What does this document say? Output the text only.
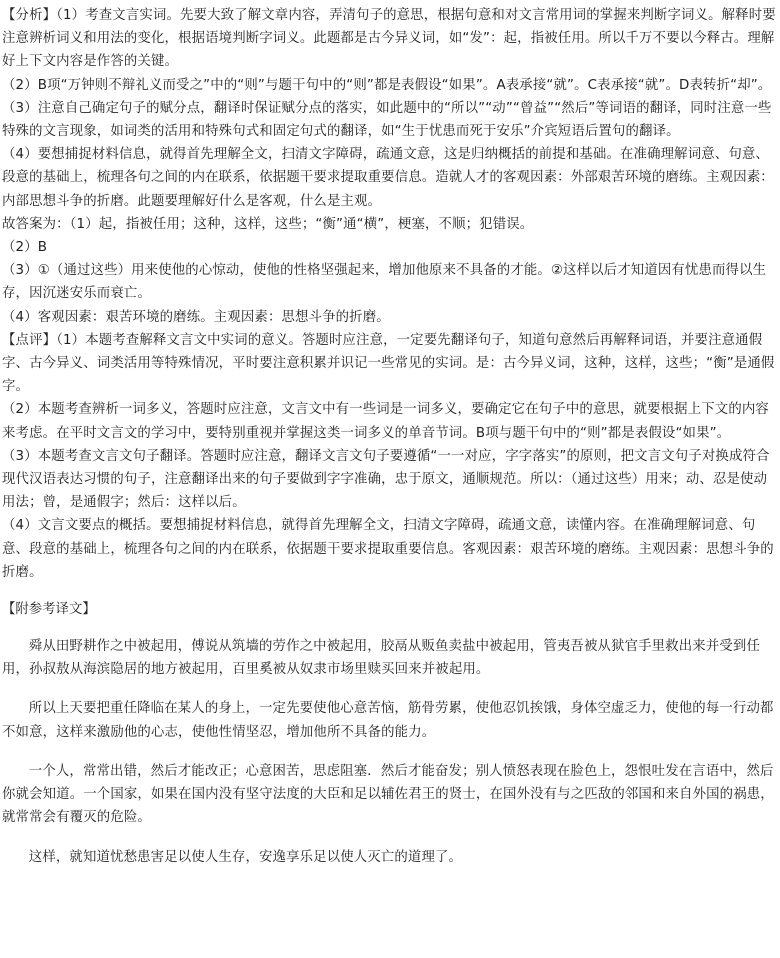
【分析】（1）考查文言实词。先要大致了解文章内容，弄清句子的意思，根据句意和对文言常用词的掌握来判断字词义。解释时要注意辨析词义和用法的变化，根据语境判断字词义。此题都是古今异义词，如“发”：起，指被任用。所以千万不要以今释古。理解好上下文内容是作答的关键。

（2）B项“万钟则不辩礼义而受之”中的“则”与题干句中的“则”都是表假设“如果”。A表承接“就”。C表承接“就”。D表转折“却”。

（3）注意自己确定句子的赋分点，翻译时保证赋分点的落实，如此题中的“所以”“动”“曾益”“然后”等词语的翻译，同时注意一些特殊的文言现象，如词类的活用和特殊句式和固定句式的翻译，如“生于忧患而死于安乐”介宾短语后置句的翻译。

（4）要想捕捉材料信息，就得首先理解全文，扫清文字障碍，疏通文意，这是归纳概括的前提和基础。在准确理解词意、句意、段意的基础上，梳理各句之间的内在联系，依据题干要求提取重要信息。造就人才的客观因素：外部艰苦环境的磨练。主观因素：内部思想斗争的折磨。此题要理解好什么是客观，什么是主观。

故答案为：（1）起，指被任用；这种，这样，这些；“衡”通“横”，梗塞，不顺；犯错误。

（2）B

（3）①（通过这些）用来使他的心惊动，使他的性格坚强起来，增加他原来不具备的才能。②这样以后才知道因有忧患而得以生存，因沉迷安乐而衰亡。

（4）客观因素：艰苦环境的磨练。主观因素：思想斗争的折磨。

【点评】（1）本题考查解释文言文中实词的意义。答题时应注意，一定要先翻译句子，知道句意然后再解释词语，并要注意通假字、古今异义、词类活用等特殊情况，平时要注意积累并识记一些常见的实词。是：古今异义词，这种，这样，这些；“衡”是通假字。

（2）本题考查辨析一词多义，答题时应注意，文言文中有一些词是一词多义，要确定它在句子中的意思，就要根据上下文的内容来考虑。在平时文言文的学习中，要特别重视并掌握这类一词多义的单音节词。B项与题干句中的“则”都是表假设“如果”。

（3）本题考查文言文句子翻译。答题时应注意，翻译文言文句子要遵循“一一对应，字字落实”的原则，把文言文句子对换成符合现代汉语表达习惯的句子，注意翻译出来的句子要做到字字准确，忠于原文，通顺规范。所以：（通过这些）用来；动、忍是使动用法；曾，是通假字；然后：这样以后。

（4）文言文要点的概括。要想捕捉材料信息，就得首先理解全文，扫清文字障碍，疏通文意，读懂内容。在准确理解词意、句意、段意的基础上，梳理各句之间的内在联系，依据题干要求提取重要信息。客观因素：艰苦环境的磨练。主观因素：思想斗争的折磨。

【附参考译文】

舜从田野耕作之中被起用，傅说从筑墙的劳作之中被起用，胶鬲从贩鱼卖盐中被起用，管夷吾被从狱官手里救出来并受到任用，孙叔敖从海滨隐居的地方被起用，百里奚被从奴隶市场里赎买回来并被起用。

所以上天要把重任降临在某人的身上，一定先要使他心意苦恼，筋骨劳累，使他忍饥挨饿，身体空虚乏力，使他的每一行动都不如意，这样来激励他的心志，使他性情坚忍，增加他所不具备的能力。

一个人，常常出错，然后才能改正；心意困苦，思虑阻塞．然后才能奋发；别人愤怒表现在脸色上，怨恨吐发在言语中，然后你就会知道。一个国家，如果在国内没有坚守法度的大臣和足以辅佐君王的贤士，在国外没有与之匹敌的邻国和来自外国的祸患，就常常会有覆灭的危险。

这样，就知道忧愁患害足以使人生存，安逸享乐足以使人灭亡的道理了。
